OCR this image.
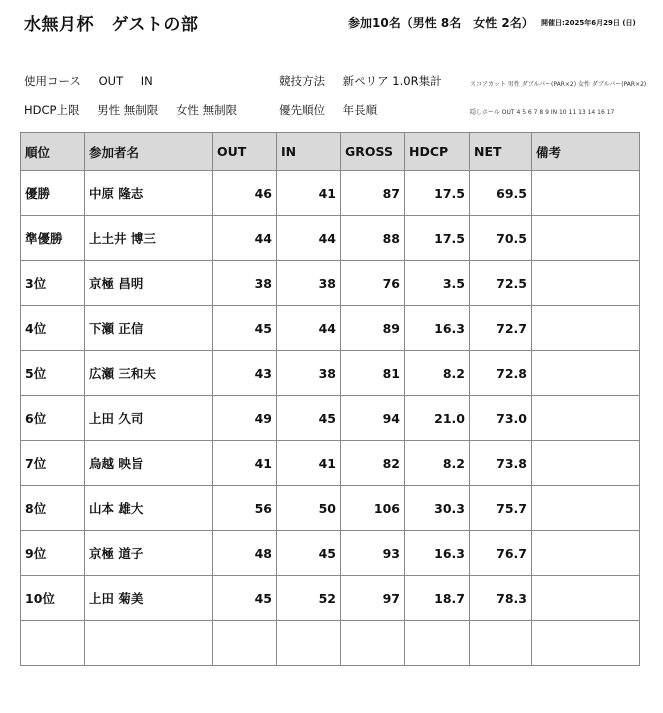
水無月杯　ゲストの部	参加10名（男性 8名　女性 2名） 開催日:2025年6月29日 (日)
使用コース OUT IN	競技方法 新ペリア 1.0R集計	スコアカット 男性 ダブルパー(PAR×2) 女性 ダブルパー(PAR×2)
HDCP上限 男性 無制限 女性 無制限	優先順位 年長順	隠しホール OUT 4 5 6 7 8 9 IN 10 11 13 14 16 17
順位	参加者名	OUT	IN	GROSS	HDCP	NET	備考
優勝	中原 隆志	46	41	87	17.5	69.5	
準優勝	上土井 博三	44	44	88	17.5	70.5	
3位	京極 昌明	38	38	76	3.5	72.5	
4位	下瀬 正信	45	44	89	16.3	72.7	
5位	広瀬 三和夫	43	38	81	8.2	72.8	
6位	上田 久司	49	45	94	21.0	73.0	
7位	烏越 映旨	41	41	82	8.2	73.8	
8位	山本 雄大	56	50	106	30.3	75.7	
9位	京極 道子	48	45	93	16.3	76.7	
10位	上田 菊美	45	52	97	18.7	78.3	
